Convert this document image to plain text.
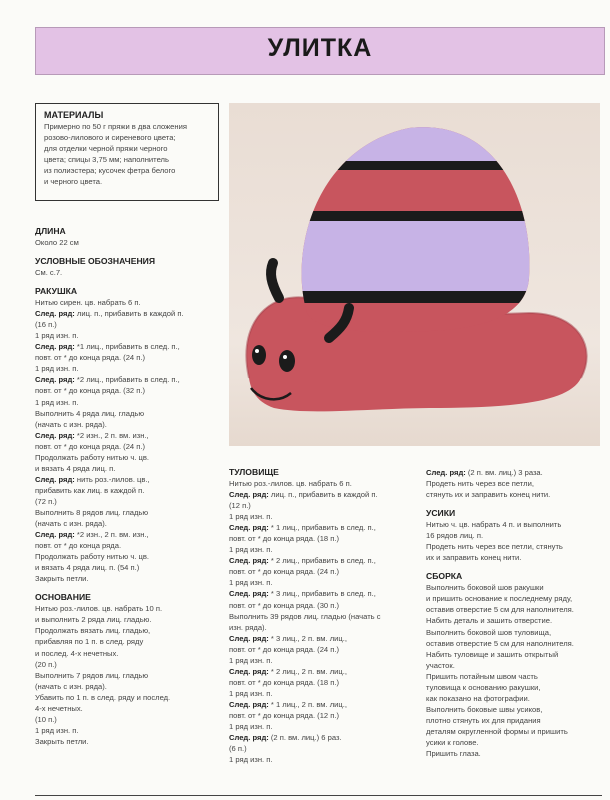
УЛИТКА
МАТЕРИАЛЫ
Примерно по 50 г пряжи в два сложения
розово-лилового и сиреневого цвета;
для отделки черной пряжи черного
цвета; спицы 3,75 мм; наполнитель
из полиэстера; кусочек фетра белого
и черного цвета.
ДЛИНА

Около 22 см

УСЛОВНЫЕ ОБОЗНАЧЕНИЯ

См. с.7.

РАКУШКА

Нитью сирен. цв. набрать 6 п.

След. ряд: лиц. п., прибавить в каждой п.

(16 п.)

1 ряд изн. п.

След. ряд: *1 лиц., прибавить в след. п.,

повт. от * до конца ряда. (24 п.)

1 ряд изн. п.

След. ряд: *2 лиц., прибавить в след. п.,

повт. от * до конца ряда. (32 п.)

1 ряд изн. п.

Выполнить 4 ряда лиц. гладью

(начать с изн. ряда).

След. ряд: *2 изн., 2 п. вм. изн.,

повт. от * до конца ряда. (24 п.)

Продолжать работу нитью ч. цв.

и вязать 4 ряда лиц. п.

След. ряд: нить роз.-лилов. цв.,

прибавить как лиц. в каждой п.

(72 п.)

Выполнить 8 рядов лиц. гладью

(начать с изн. ряда).

След. ряд: *2 изн., 2 п. вм. изн.,

повт. от * до конца ряда.

Продолжать работу нитью ч. цв.

и вязать 4 ряда лиц. п. (54 п.)

Закрыть петли.

ОСНОВАНИЕ

Нитью роз.-лилов. цв. набрать 10 п.

и выполнить 2 ряда лиц. гладью.

Продолжать вязать лиц. гладью,

прибавляя по 1 п. в след. ряду

и послед. 4-х нечетных.

(20 п.)

Выполнить 7 рядов лиц. гладью

(начать с изн. ряда).

Убавить по 1 п. в след. ряду и послед.

4-х нечетных.

(10 п.)

1 ряд изн. п.

Закрыть петли.

ТУЛОВИЩЕ

Нитью роз.-лилов. цв. набрать 6 п.

След. ряд: лиц. п., прибавить в каждой п.

(12 п.)

1 ряд изн. п.

След. ряд: * 1 лиц., прибавить в след. п.,

повт. от * до конца ряда. (18 п.)

1 ряд изн. п.

След. ряд: * 2 лиц., прибавить в след. п.,

повт. от * до конца ряда. (24 п.)

1 ряд изн. п.

След. ряд: * 3 лиц., прибавить в след. п.,

повт. от * до конца ряда. (30 п.)

Выполнить 39 рядов лиц. гладью (начать с

изн. ряда).

След. ряд: * 3 лиц., 2 п. вм. лиц.,

повт. от * до конца ряда. (24 п.)

1 ряд изн. п.

След. ряд: * 2 лиц., 2 п. вм. лиц.,

повт. от * до конца ряда. (18 п.)

1 ряд изн. п.

След. ряд: * 1 лиц., 2 п. вм. лиц.,

повт. от * до конца ряда. (12 п.)

1 ряд изн. п.

След. ряд: (2 п. вм. лиц.) 6 раз.

(6 п.)

1 ряд изн. п.

След. ряд: (2 п. вм. лиц.) 3 раза.

Продеть нить через все петли,

стянуть их и заправить конец нити.

УСИКИ

Нитью ч. цв. набрать 4 п. и выполнить

16 рядов лиц. п.

Продеть нить через все петли, стянуть

их и заправить конец нити.

СБОРКА

Выполнить боковой шов ракушки

и пришить основание к последнему ряду,

оставив отверстие 5 см для наполнителя.

Набить деталь и зашить отверстие.

Выполнить боковой шов туловища,

оставив отверстие 5 см для наполнителя.

Набить туловище и зашить открытый

участок.

Пришить потайным швом часть

туловища к основанию ракушки,

как показано на фотографии.

Выполнить боковые швы усиков,

плотно стянуть их для придания

деталям округленной формы и пришить

усики к голове.

Пришить глаза.
